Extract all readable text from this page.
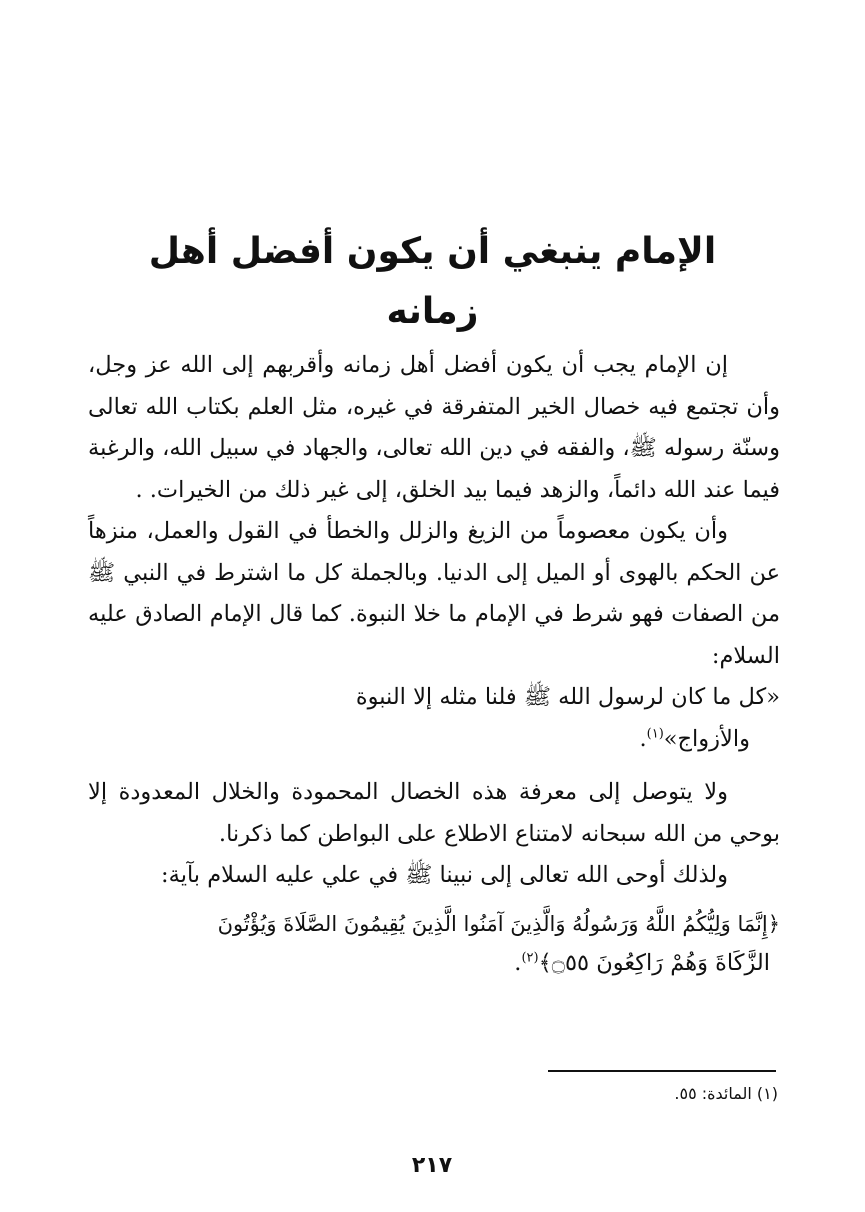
الإمام ينبغي أن يكون أفضل أهل زمانه

إن الإمام يجب أن يكون أفضل أهل زمانه وأقربهم إلى الله عز وجل، وأن تجتمع فيه خصال الخير المتفرقة في غيره، مثل العلم بكتاب الله تعالى وسنّة رسوله ﷺ، والفقه في دين الله تعالى، والجهاد في سبيل الله، والرغبة فيما عند الله دائماً، والزهد فيما بيد الخلق، إلى غير ذلك من الخيرات. .

وأن يكون معصوماً من الزيغ والزلل والخطأ في القول والعمل، منزهاً عن الحكم بالهوى أو الميل إلى الدنيا. وبالجملة كل ما اشترط في النبي ﷺ من الصفات فهو شرط في الإمام ما خلا النبوة. كما قال الإمام الصادق عليه السلام:

«كل ما كان لرسول الله ﷺ فلنا مثله إلا النبوة

والأزواج»$^{(١)}$.

ولا يتوصل إلى معرفة هذه الخصال المحمودة والخلال المعدودة إلا بوحي من الله سبحانه لامتناع الاطلاع على البواطن كما ذكرنا.

ولذلك أوحى الله تعالى إلى نبينا ﷺ في علي عليه السلام بآية:

﴿إِنَّمَا وَلِيُّكُمُ اللَّهُ وَرَسُولُهُ وَالَّذِينَ آمَنُوا الَّذِينَ يُقِيمُونَ الصَّلَاةَ وَيُؤْتُونَ

الزَّكَاةَ وَهُمْ رَاكِعُونَ ۝٥٥﴾$^{(٢)}$.

(١) المائدة: ٥٥.
٢١٧
